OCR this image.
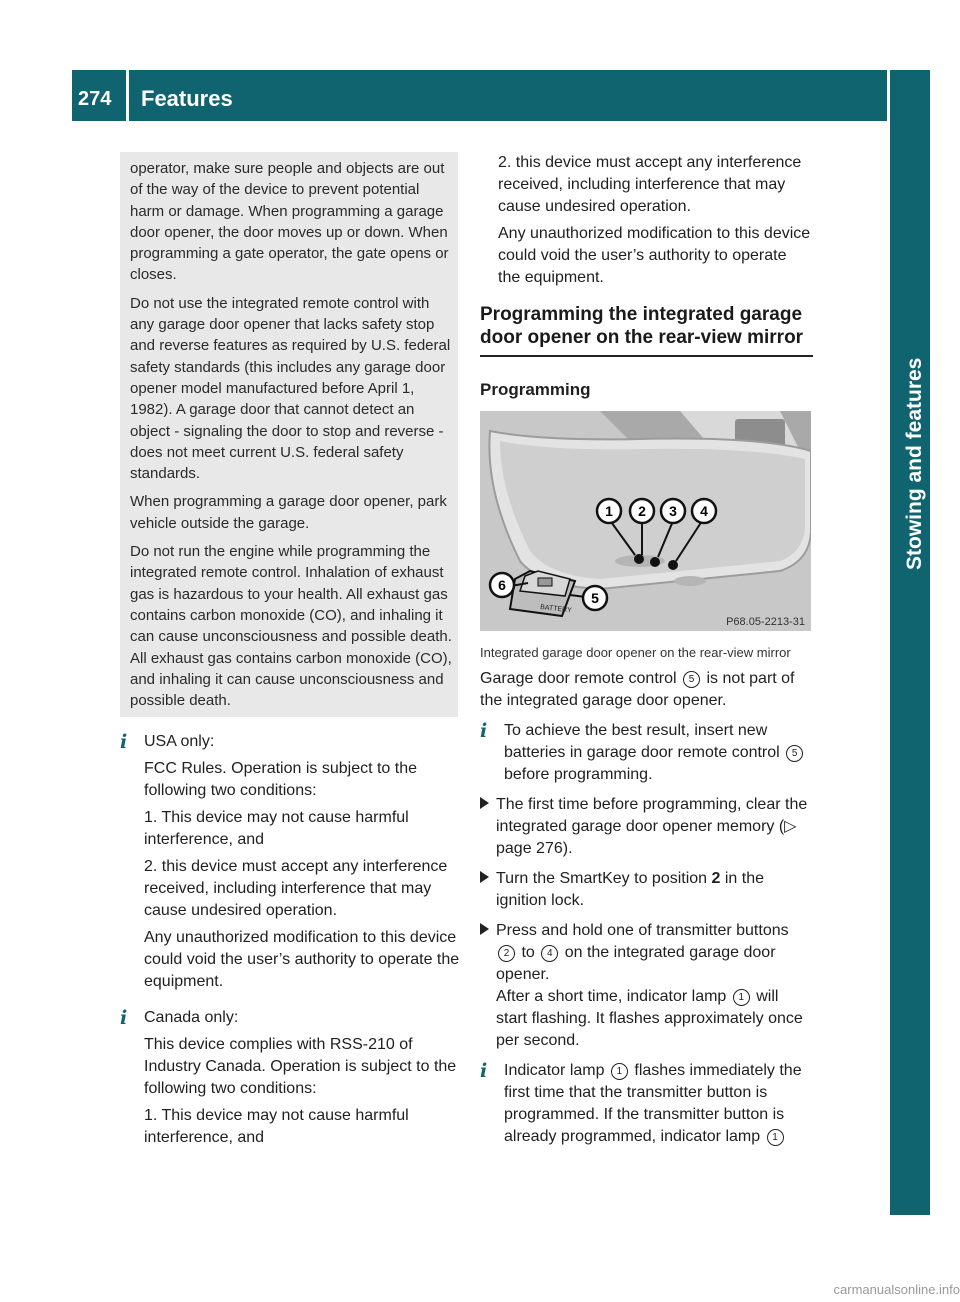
274	Features
Stowing and features

operator, make sure people and objects are out of the way of the device to prevent potential harm or damage. When programming a garage door opener, the door moves up or down. When programming a gate operator, the gate opens or closes.

Do not use the integrated remote control with any garage door opener that lacks safety stop and reverse features as required by U.S. federal safety standards (this includes any garage door opener model manufactured before April 1, 1982). A garage door that cannot detect an object - signaling the door to stop and reverse - does not meet current U.S. federal safety standards.

When programming a garage door opener, park vehicle outside the garage.

Do not run the engine while programming the integrated remote control. Inhalation of exhaust gas is hazardous to your health. All exhaust gas contains carbon monoxide (CO), and inhaling it can cause unconsciousness and possible death. All exhaust gas contains carbon monoxide (CO), and inhaling it can cause unconsciousness and possible death.

i	USA only:

FCC Rules. Operation is subject to the following two conditions:

1. This device may not cause harmful interference, and

2. this device must accept any interference received, including interference that may cause undesired operation.

Any unauthorized modification to this device could void the user’s authority to operate the equipment.

i	Canada only:

This device complies with RSS-210 of Industry Canada. Operation is subject to the following two conditions:

1. This device may not cause harmful interference, and

2. this device must accept any interference received, including interference that may cause undesired operation.

Any unauthorized modification to this device could void the user’s authority to operate the equipment.

Programming the integrated garage door opener on the rear-view mirror
Programming
1 2 3 4
BATTERY
6
5
P68.05-2213-31
Integrated garage door opener on the rear-view mirror

Garage door remote control 5 is not part of the integrated garage door opener.

i	To achieve the best result, insert new batteries in garage door remote control 5 before programming.

The first time before programming, clear the integrated garage door opener memory (▷ page 276).

Turn the SmartKey to position 2 in the ignition lock.

Press and hold one of transmitter buttons 2 to 4 on the integrated garage door opener.
After a short time, indicator lamp 1 will start flashing. It flashes approximately once per second.

i	Indicator lamp 1 flashes immediately the first time that the transmitter button is programmed. If the transmitter button is already programmed, indicator lamp 1

carmanualsonline.info
